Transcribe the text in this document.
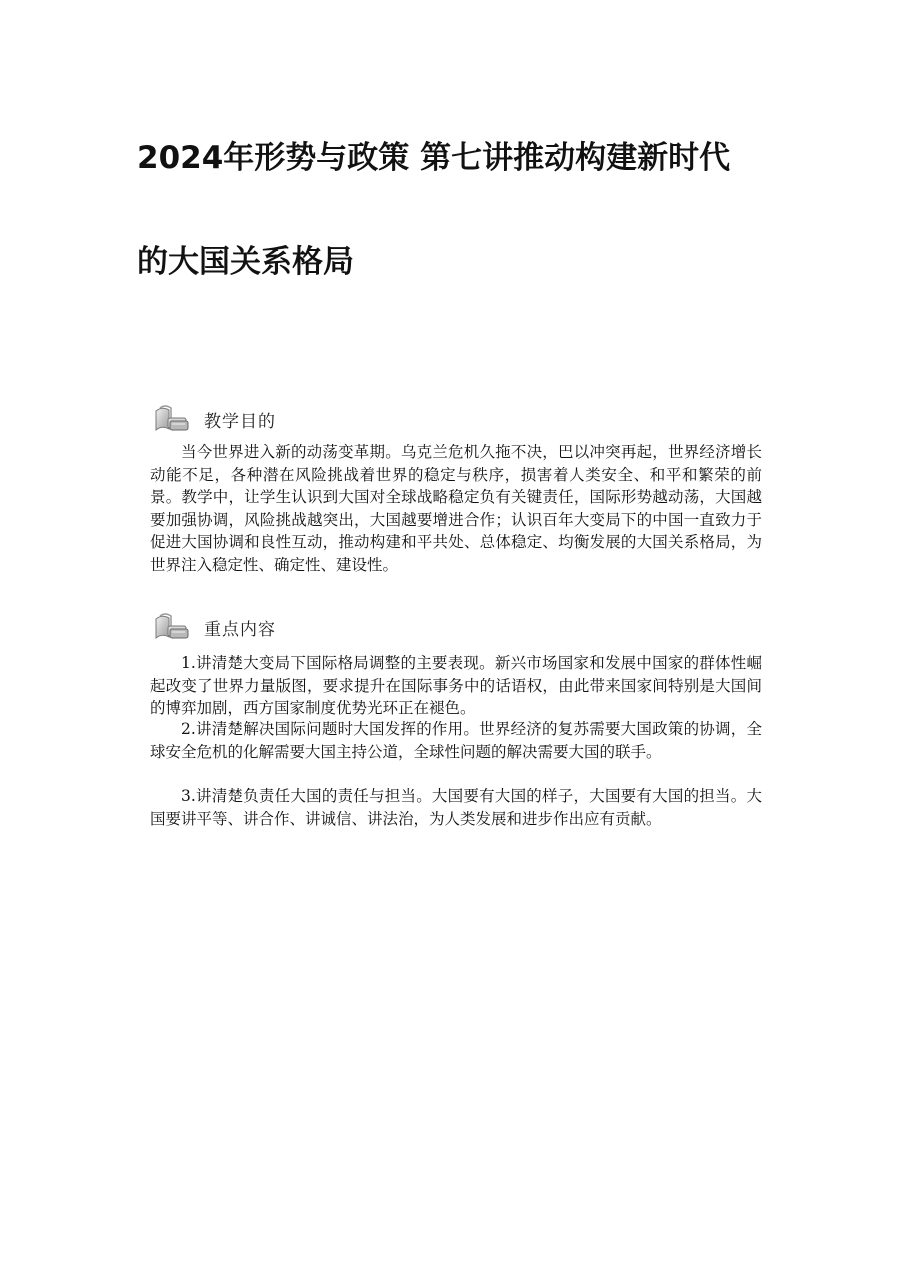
2024年形势与政策 第七讲推动构建新时代
的大国关系格局
教学目的

当今世界进入新的动荡变革期。乌克兰危机久拖不决，巴以冲突再起，世界经济增长动能不足，各种潜在风险挑战着世界的稳定与秩序，损害着人类安全、和平和繁荣的前景。教学中，让学生认识到大国对全球战略稳定负有关键责任，国际形势越动荡，大国越要加强协调，风险挑战越突出，大国越要增进合作；认识百年大变局下的中国一直致力于促进大国协调和良性互动，推动构建和平共处、总体稳定、均衡发展的大国关系格局，为世界注入稳定性、确定性、建设性。

重点内容

1.讲清楚大变局下国际格局调整的主要表现。新兴市场国家和发展中国家的群体性崛起改变了世界力量版图，要求提升在国际事务中的话语权，由此带来国家间特别是大国间的博弈加剧，西方国家制度优势光环正在褪色。

2.讲清楚解决国际问题时大国发挥的作用。世界经济的复苏需要大国政策的协调，全球安全危机的化解需要大国主持公道，全球性问题的解决需要大国的联手。

3.讲清楚负责任大国的责任与担当。大国要有大国的样子，大国要有大国的担当。大国要讲平等、讲合作、讲诚信、讲法治，为人类发展和进步作出应有贡献。
